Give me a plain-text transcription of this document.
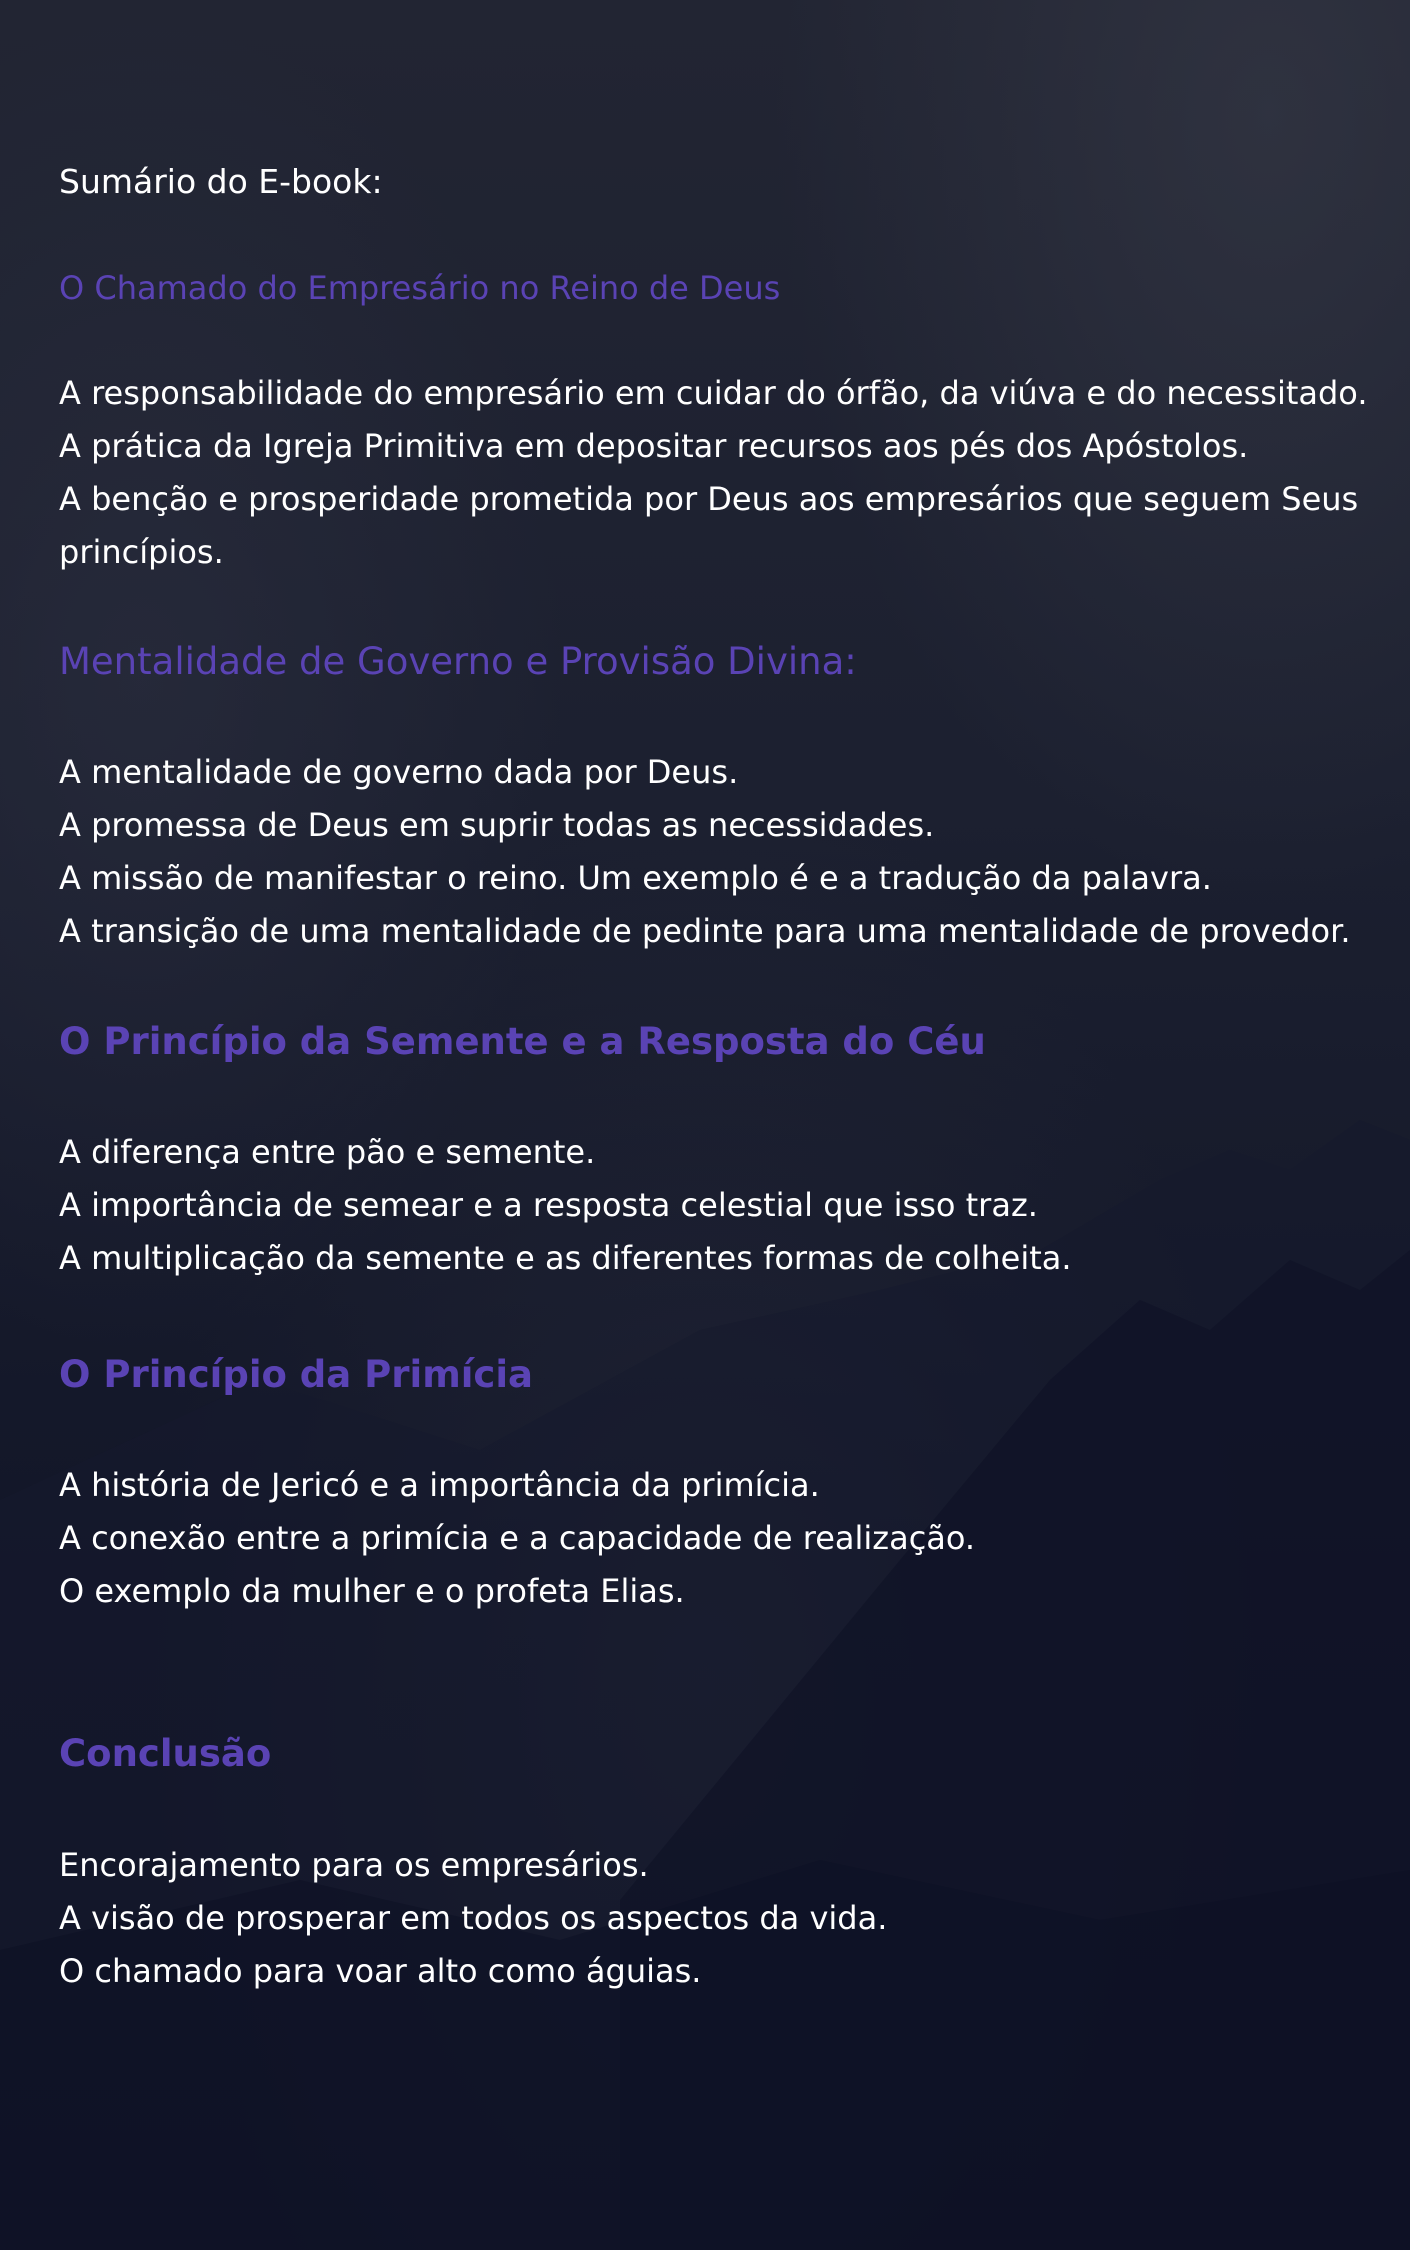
Sumário do E-book:

O Chamado do Empresário no Reino de Deus
A responsabilidade do empresário em cuidar do órfão, da viúva e do necessitado.
A prática da Igreja Primitiva em depositar recursos aos pés dos Apóstolos.
A benção e prosperidade prometida por Deus aos empresários que seguem Seus princípios.
Mentalidade de Governo e Provisão Divina:
A mentalidade de governo dada por Deus.
A promessa de Deus em suprir todas as necessidades.
A missão de manifestar o reino. Um exemplo é e a tradução da palavra.
A transição de uma mentalidade de pedinte para uma mentalidade de provedor.
O Princípio da Semente e a Resposta do Céu
A diferença entre pão e semente.
A importância de semear e a resposta celestial que isso traz.
A multiplicação da semente e as diferentes formas de colheita.
O Princípio da Primícia
A história de Jericó e a importância da primícia.
A conexão entre a primícia e a capacidade de realização.
O exemplo da mulher e o profeta Elias.
Conclusão
Encorajamento para os empresários.
A visão de prosperar em todos os aspectos da vida.
O chamado para voar alto como águias.
